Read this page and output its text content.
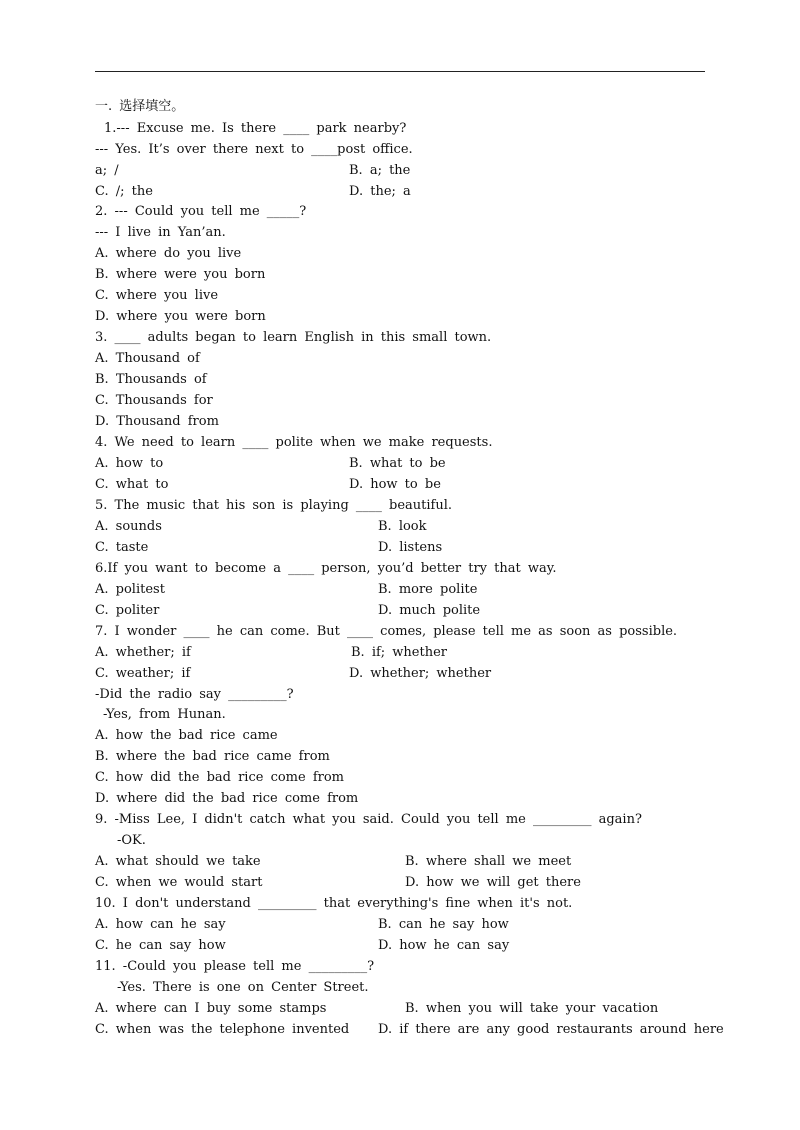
一. 选择填空。
1.--- Excuse me. Is there ____ park nearby?
--- Yes. It’s over there next to ____post office.
a; /	B. a; the
C. /; the	D. the; a
2. --- Could you tell me _____?
--- I live in Yan’an.
A. where do you live
B. where were you born
C. where you live
D. where you were born
3. ____ adults began to learn English in this small town.
A. Thousand of
B. Thousands of
C. Thousands for
D. Thousand from
4. We need to learn ____ polite when we make requests.
A. how to	B. what to be
C. what to	D. how to be
5. The music that his son is playing ____ beautiful.
A. sounds	B. look
C. taste	D. listens
6.If you want to become a ____ person, you’d better try that way.
A. politest	B. more polite
C. politer	D. much polite
7. I wonder ____ he can come. But ____ comes, please tell me as soon as possible.
A. whether; if	B. if; whether
C. weather; if	D. whether; whether
-Did the radio say _________?
-Yes, from Hunan.
A. how the bad rice came
B. where the bad rice came from
C. how did the bad rice come from
D. where did the bad rice come from
9. -Miss Lee, I didn't catch what you said. Could you tell me _________ again?
-OK.
A. what should we take	B. where shall we meet
C. when we would start	D. how we will get there
10. I don't understand _________ that everything's fine when it's not.
A. how can he say	B. can he say how
C. he can say how	D. how he can say
11. -Could you please tell me _________?
-Yes. There is one on Center Street.
A. where can I buy some stamps	B. when you will take your vacation
C. when was the telephone invented D. if there are any good restaurants around here
